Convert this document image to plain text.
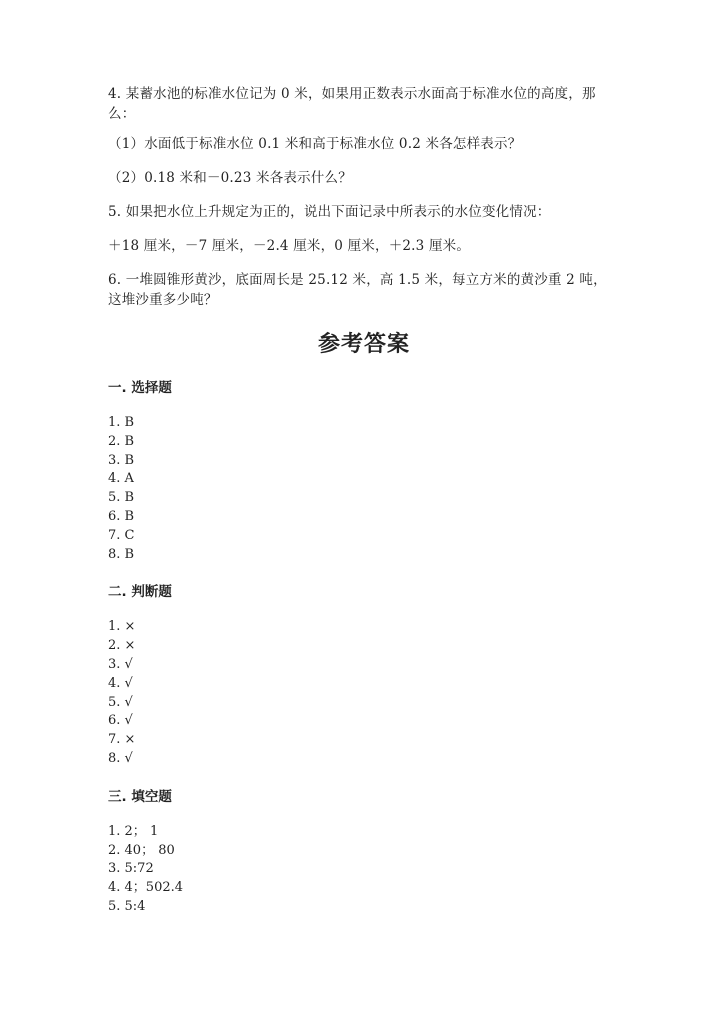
4. 某蓄水池的标准水位记为 0 米，如果用正数表示水面高于标准水位的高度，那么：

（1）水面低于标准水位 0.1 米和高于标准水位 0.2 米各怎样表示？

（2）0.18 米和－0.23 米各表示什么？

5. 如果把水位上升规定为正的，说出下面记录中所表示的水位变化情况：

＋18 厘米，－7 厘米，－2.4 厘米，0 厘米，＋2.3 厘米。

6. 一堆圆锥形黄沙，底面周长是 25.12 米，高 1.5 米，每立方米的黄沙重 2 吨，这堆沙重多少吨？

参考答案
一. 选择题
1. B
2. B
3. B
4. A
5. B
6. B
7. C
8. B
二. 判断题
1. ×
2. ×
3. √
4. √
5. √
6. √
7. ×
8. √
三. 填空题
1. 2； 1
2. 40； 80
3. 5:72
4. 4；502.4
5. 5:4
